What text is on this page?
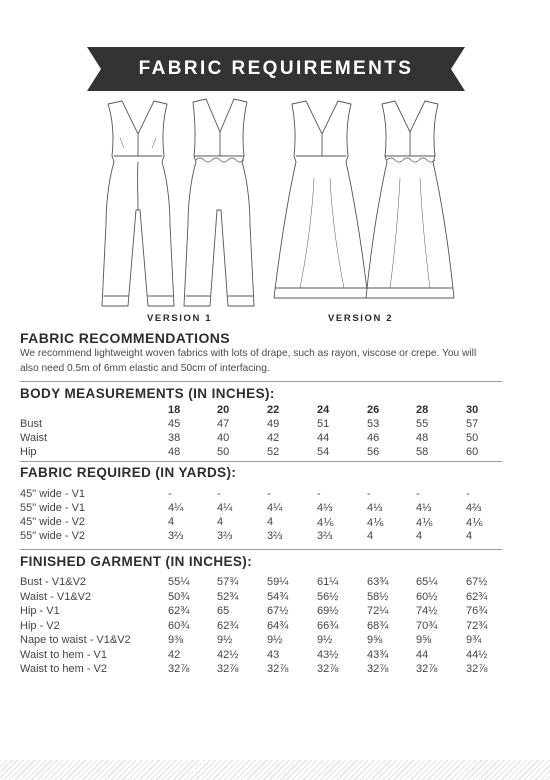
FABRIC REQUIREMENTS
VERSION 1	VERSION 2
FABRIC RECOMMENDATIONS
We recommend lightweight woven fabrics with lots of drape, such as rayon, viscose or crepe. You will
also need 0.5m of 6mm elastic and 50cm of interfacing.
BODY MEASUREMENTS (IN INCHES):
18	20	22	24	26	28	30
Bust	45	47	49	51	53	55	57
Waist	38	40	42	44	46	48	50
Hip	48	50	52	54	56	58	60
FABRIC REQUIRED (IN YARDS):
45" wide - V1	-	-	-	-	-	-	-
55" wide - V1	4¼	4¼	4¼	4⅓	4⅓	4⅓	4⅔
45" wide - V2	4	4	4	4⅙	4⅙	4⅙	4⅙
55" wide - V2	3⅔	3⅔	3⅔	3⅔	4	4	4
FINISHED GARMENT (IN INCHES):
Bust - V1&V2	55¼	57¾	59¼	61¼	63¾	65¼	67½
Waist - V1&V2	50¾	52¾	54¾	56½	58½	60½	62¾
Hip - V1	62¾	65	67½	69½	72¼	74½	76¾
Hip - V2	60¾	62¾	64¾	66¾	68¾	70¾	72¾
Nape to waist - V1&V2	9⅜	9½	9½	9½	9⅝	9⅝	9¾
Waist to hem - V1	42	42½	43	43½	43¾	44	44½
Waist to hem - V2	32⅞	32⅞	32⅞	32⅞	32⅞	32⅞	32⅞
